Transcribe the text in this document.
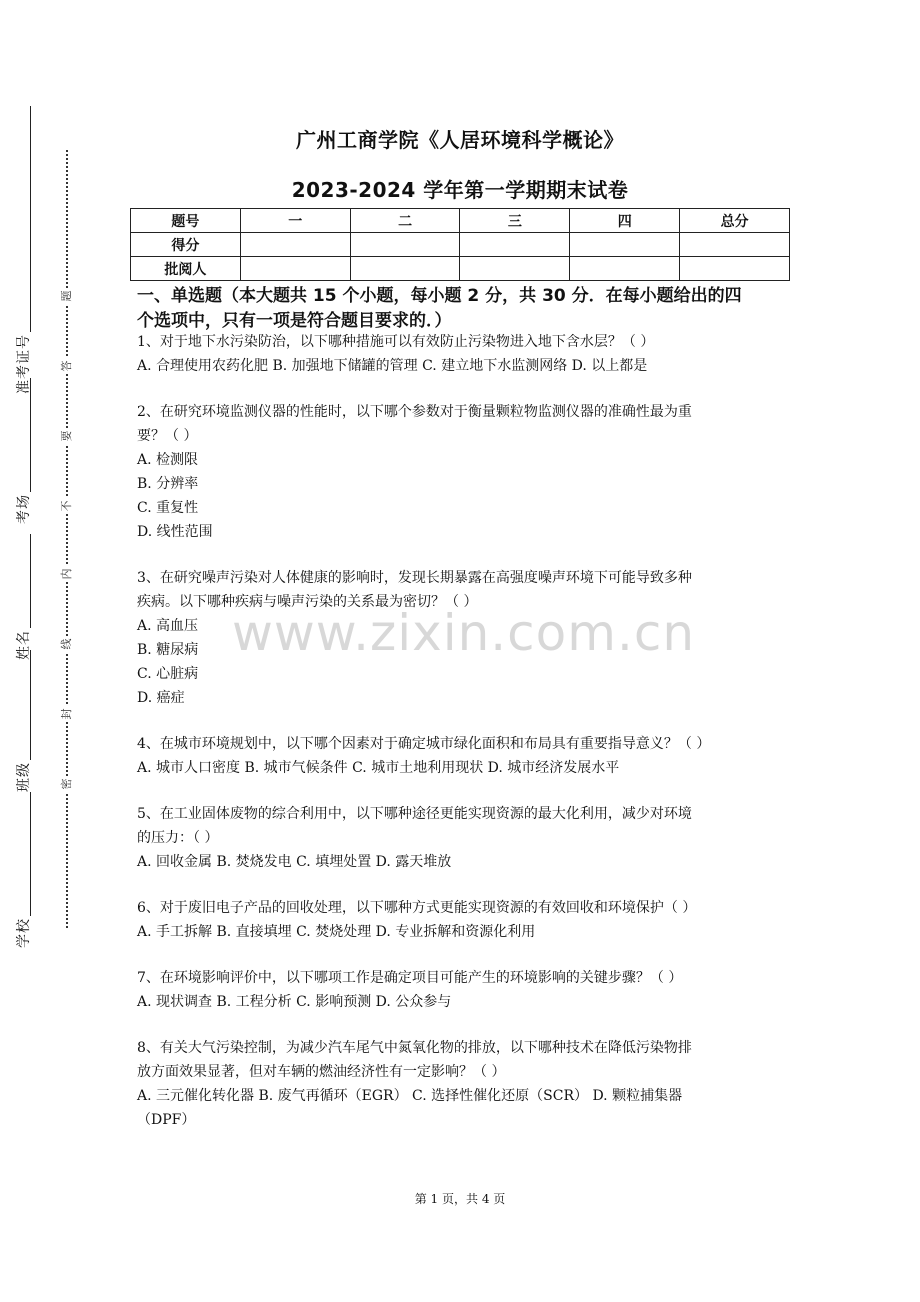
题
答
要
不
内
线
封
密
学校
班级
姓名
考场
准考证号
广州工商学院《人居环境科学概论》
2023-2024 学年第一学期期末试卷
题号	一	二	三	四	总分
得分					
批阅人					
一、单选题（本大题共 15 个小题，每小题 2 分，共 30 分．在每小题给出的四
个选项中，只有一项是符合题目要求的．）

1、对于地下水污染防治，以下哪种措施可以有效防止污染物进入地下含水层？（ ）

A. 合理使用农药化肥 B. 加强地下储罐的管理 C. 建立地下水监测网络 D. 以上都是

2、在研究环境监测仪器的性能时，以下哪个参数对于衡量颗粒物监测仪器的准确性最为重

要？（ ）

A. 检测限

B. 分辨率

C. 重复性

D. 线性范围

3、在研究噪声污染对人体健康的影响时，发现长期暴露在高强度噪声环境下可能导致多种

疾病。以下哪种疾病与噪声污染的关系最为密切？（ ）

A. 高血压

B. 糖尿病

C. 心脏病

D. 癌症

4、在城市环境规划中，以下哪个因素对于确定城市绿化面积和布局具有重要指导意义？（ ）

A. 城市人口密度 B. 城市气候条件 C. 城市土地利用现状 D. 城市经济发展水平

5、在工业固体废物的综合利用中，以下哪种途径更能实现资源的最大化利用，减少对环境

的压力：（ ）

A. 回收金属 B. 焚烧发电 C. 填埋处置 D. 露天堆放

6、对于废旧电子产品的回收处理，以下哪种方式更能实现资源的有效回收和环境保护（ ）

A. 手工拆解 B. 直接填埋 C. 焚烧处理 D. 专业拆解和资源化利用

7、在环境影响评价中，以下哪项工作是确定项目可能产生的环境影响的关键步骤？（ ）

A. 现状调查 B. 工程分析 C. 影响预测 D. 公众参与

8、有关大气污染控制，为减少汽车尾气中氮氧化物的排放，以下哪种技术在降低污染物排

放方面效果显著，但对车辆的燃油经济性有一定影响？（ ）

A. 三元催化转化器 B. 废气再循环（EGR） C. 选择性催化还原（SCR） D. 颗粒捕集器

（DPF）

www.zixin.com.cn
第 1 页，共 4 页
